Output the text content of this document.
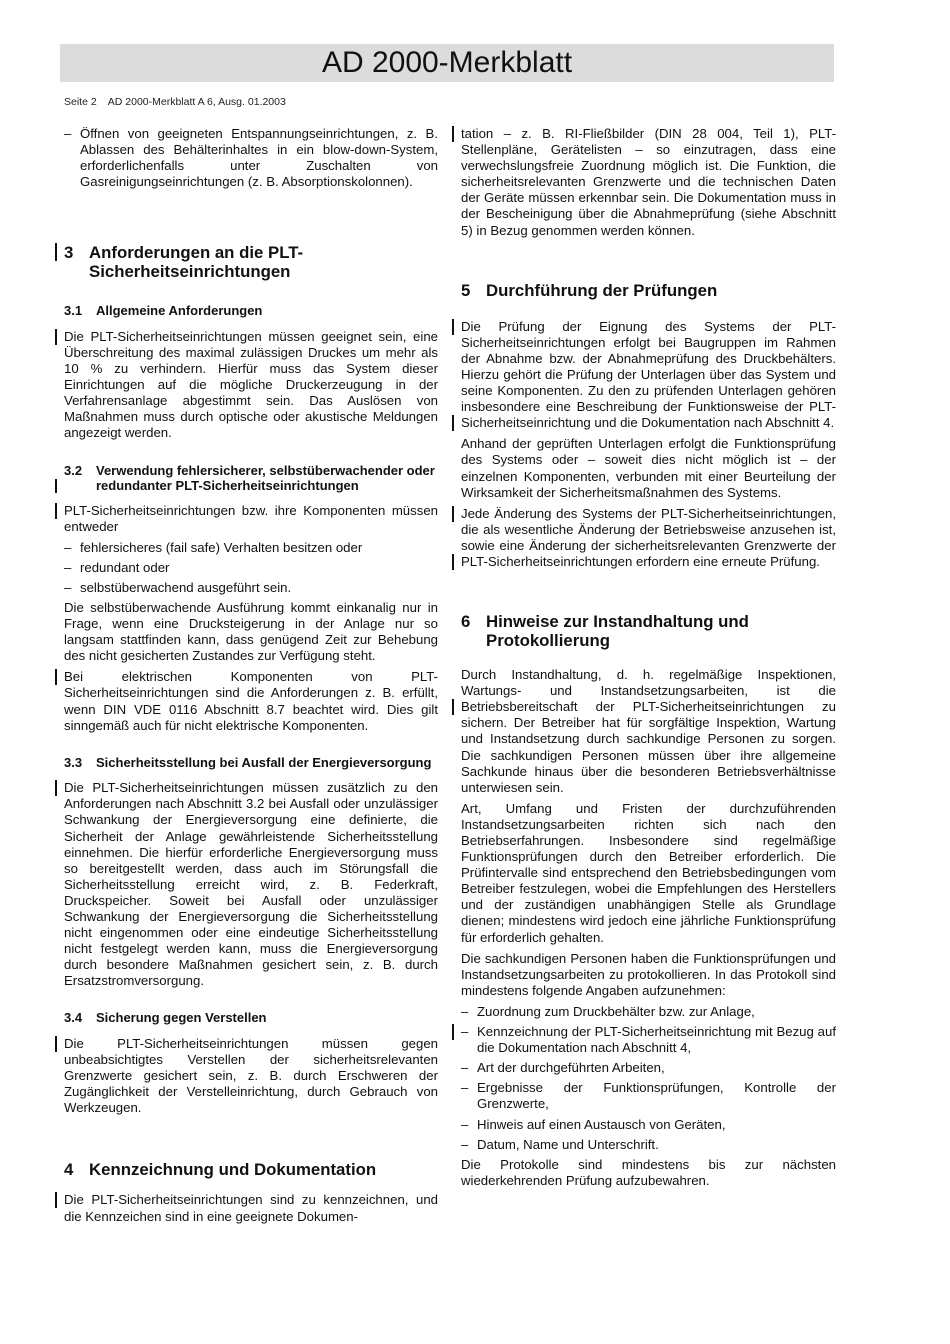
AD 2000-Merkblatt
Seite 2    AD 2000-Merkblatt A 6, Ausg. 01.2003

– Öffnen von geeigneten Entspannungseinrichtungen, z. B. Ablassen des Behälterinhaltes in ein blow-down-System, erforderlichenfalls unter Zuschalten von Gasreinigungseinrichtungen (z. B. Absorptionskolonnen).

3 Anforderungen an die PLT-Sicherheitseinrichtungen
3.1	Allgemeine Anforderungen

Die PLT-Sicherheitseinrichtungen müssen geeignet sein, eine Überschreitung des maximal zulässigen Druckes um mehr als 10 % zu verhindern. Hierfür muss das System dieser Einrichtungen auf die mögliche Druckerzeugung in der Verfahrensanlage abgestimmt sein. Das Auslösen von Maßnahmen muss durch optische oder akustische Meldungen angezeigt werden.

3.2	Verwendung fehlersicherer, selbstüberwachender oder redundanter PLT-Sicherheitseinrichtungen

PLT-Sicherheitseinrichtungen bzw. ihre Komponenten müssen entweder

– fehlersicheres (fail safe) Verhalten besitzen oder

– redundant oder

– selbstüberwachend ausgeführt sein.

Die selbstüberwachende Ausführung kommt einkanalig nur in Frage, wenn eine Drucksteigerung in der Anlage nur so langsam stattfinden kann, dass genügend Zeit zur Behebung des nicht gesicherten Zustandes zur Verfügung steht.

Bei elektrischen Komponenten von PLT-Sicherheitseinrichtungen sind die Anforderungen z. B. erfüllt, wenn DIN VDE 0116 Abschnitt 8.7 beachtet wird. Dies gilt sinngemäß auch für nicht elektrische Komponenten.

3.3	Sicherheitsstellung bei Ausfall der Energieversorgung

Die PLT-Sicherheitseinrichtungen müssen zusätzlich zu den Anforderungen nach Abschnitt 3.2 bei Ausfall oder unzulässiger Schwankung der Energieversorgung eine definierte, die Sicherheit der Anlage gewährleistende Sicherheitsstellung einnehmen. Die hierfür erforderliche Energieversorgung muss so bereitgestellt werden, dass auch im Störungsfall die Sicherheitsstellung erreicht wird, z. B. Federkraft, Druckspeicher. Soweit bei Ausfall oder unzulässiger Schwankung der Energieversorgung die Sicherheitsstellung nicht eingenommen oder eine eindeutige Sicherheitsstellung nicht festgelegt werden kann, muss die Energieversorgung durch besondere Maßnahmen gesichert sein, z. B. durch Ersatzstromversorgung.

3.4	Sicherung gegen Verstellen

Die PLT-Sicherheitseinrichtungen müssen gegen unbeabsichtigtes Verstellen der sicherheitsrelevanten Grenzwerte gesichert sein, z. B. durch Erschweren der Zugänglichkeit der Verstelleinrichtung, durch Gebrauch von Werkzeugen.

4 Kennzeichnung und Dokumentation

Die PLT-Sicherheitseinrichtungen sind zu kennzeichnen, und die Kennzeichen sind in eine geeignete Dokumen-

tation – z. B. RI-Fließbilder (DIN 28 004, Teil 1), PLT-Stellenpläne, Gerätelisten – so einzutragen, dass eine verwechslungsfreie Zuordnung möglich ist. Die Funktion, die sicherheitsrelevanten Grenzwerte und die technischen Daten der Geräte müssen erkennbar sein. Die Dokumentation muss in der Bescheinigung über die Abnahmeprüfung (siehe Abschnitt 5) in Bezug genommen werden können.

5 Durchführung der Prüfungen

Die Prüfung der Eignung des Systems der PLT-Sicherheitseinrichtungen erfolgt bei Baugruppen im Rahmen der Abnahme bzw. der Abnahmeprüfung des Druckbehälters. Hierzu gehört die Prüfung der Unterlagen über das System und seine Komponenten. Zu den zu prüfenden Unterlagen gehören insbesondere eine Beschreibung der Funktionsweise der PLT-Sicherheitseinrichtung und die Dokumentation nach Abschnitt 4.

Anhand der geprüften Unterlagen erfolgt die Funktionsprüfung des Systems oder – soweit dies nicht möglich ist – der einzelnen Komponenten, verbunden mit einer Beurteilung der Wirksamkeit der Sicherheitsmaßnahmen des Systems.

Jede Änderung des Systems der PLT-Sicherheitseinrichtungen, die als wesentliche Änderung der Betriebsweise anzusehen ist, sowie eine Änderung der sicherheitsrelevanten Grenzwerte der PLT-Sicherheitseinrichtungen erfordern eine erneute Prüfung.

6 Hinweise zur Instandhaltung und Protokollierung

Durch Instandhaltung, d. h. regelmäßige Inspektionen, Wartungs- und Instandsetzungsarbeiten, ist die Betriebsbereitschaft der PLT-Sicherheitseinrichtungen zu sichern. Der Betreiber hat für sorgfältige Inspektion, Wartung und Instandsetzung durch sachkundige Personen zu sorgen. Die sachkundigen Personen müssen über ihre allgemeine Sachkunde hinaus über die besonderen Betriebsverhältnisse unterwiesen sein.

Art, Umfang und Fristen der durchzuführenden Instandsetzungsarbeiten richten sich nach den Betriebserfahrungen. Insbesondere sind regelmäßige Funktionsprüfungen durch den Betreiber erforderlich. Die Prüfintervalle sind entsprechend den Betriebsbedingungen vom Betreiber festzulegen, wobei die Empfehlungen des Herstellers und der zuständigen unabhängigen Stelle als Grundlage dienen; mindestens wird jedoch eine jährliche Funktionsprüfung für erforderlich gehalten.

Die sachkundigen Personen haben die Funktionsprüfungen und Instandsetzungsarbeiten zu protokollieren. In das Protokoll sind mindestens folgende Angaben aufzunehmen:

– Zuordnung zum Druckbehälter bzw. zur Anlage,

– Kennzeichnung der PLT-Sicherheitseinrichtung mit Bezug auf die Dokumentation nach Abschnitt 4,

– Art der durchgeführten Arbeiten,

– Ergebnisse der Funktionsprüfungen, Kontrolle der Grenzwerte,

– Hinweis auf einen Austausch von Geräten,

– Datum, Name und Unterschrift.

Die Protokolle sind mindestens bis zur nächsten wiederkehrenden Prüfung aufzubewahren.
